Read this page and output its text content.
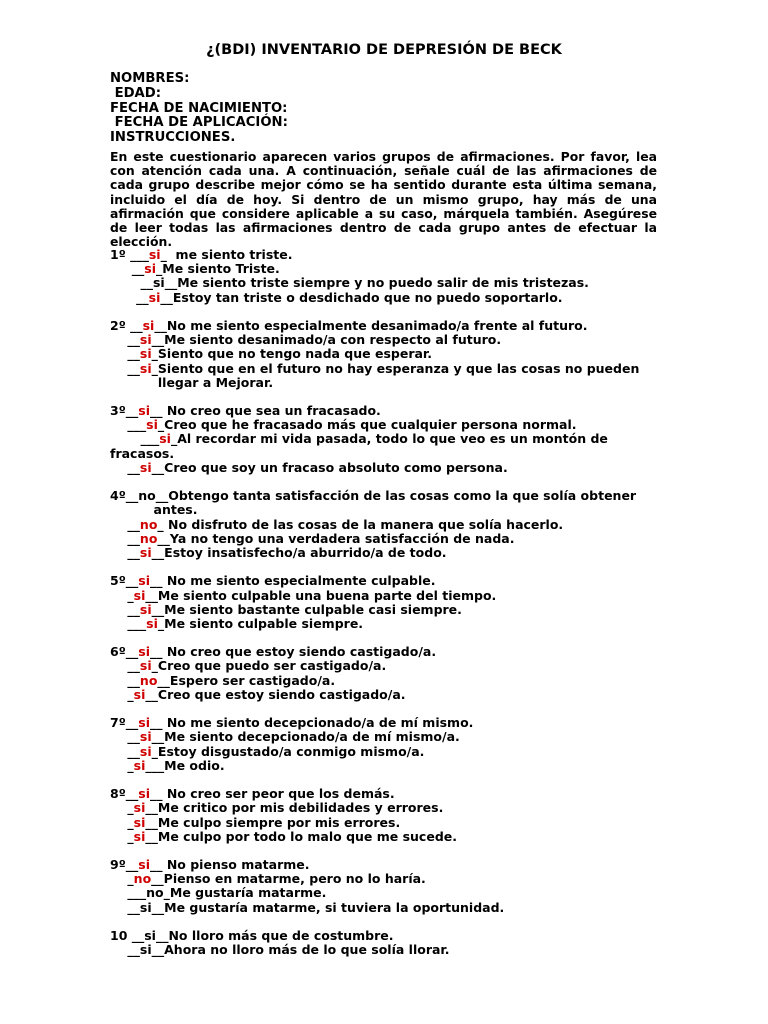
¿(BDI) INVENTARIO DE DEPRESIÓN DE BECK
NOMBRES:
EDAD:
FECHA DE NACIMIENTO:
FECHA DE APLICACIÓN:
INSTRUCCIONES.
En este cuestionario aparecen varios grupos de afirmaciones. Por favor, lea con atención cada una. A continuación, señale cuál de las afirmaciones de cada grupo describe mejor cómo se ha sentido durante esta última semana, incluido el día de hoy. Si dentro de un mismo grupo, hay más de una afirmación que considere aplicable a su caso, márquela también. Asegúrese de leer todas las afirmaciones dentro de cada grupo antes de efectuar la elección.
1º ___si_  me siento triste.
__si_Me siento Triste.
__si__Me siento triste siempre y no puedo salir de mis tristezas.
__si__Estoy tan triste o desdichado que no puedo soportarlo.
2º __si__No me siento especialmente desanimado/a frente al futuro.
__si__Me siento desanimado/a con respecto al futuro.
__si_Siento que no tengo nada que esperar.
__si_Siento que en el futuro no hay esperanza y que las cosas no pueden
llegar a Mejorar.
3º__si__ No creo que sea un fracasado.
___si_Creo que he fracasado más que cualquier persona normal.
___si_Al recordar mi vida pasada, todo lo que veo es un montón de
fracasos.
__si__Creo que soy un fracaso absoluto como persona.
4º__no__Obtengo tanta satisfacción de las cosas como la que solía obtener
antes.
__no_ No disfruto de las cosas de la manera que solía hacerlo.
__no__Ya no tengo una verdadera satisfacción de nada.
__si__Estoy insatisfecho/a aburrido/a de todo.
5º__si__ No me siento especialmente culpable.
_si__Me siento culpable una buena parte del tiempo.
__si__Me siento bastante culpable casi siempre.
___si_Me siento culpable siempre.
6º__si__ No creo que estoy siendo castigado/a.
__si_Creo que puedo ser castigado/a.
__no__Espero ser castigado/a.
_si__Creo que estoy siendo castigado/a.
7º__si__ No me siento decepcionado/a de mí mismo.
__si__Me siento decepcionado/a de mí mismo/a.
__si_Estoy disgustado/a conmigo mismo/a.
_si___Me odio.
8º__si__ No creo ser peor que los demás.
_si__Me critico por mis debilidades y errores.
_si__Me culpo siempre por mis errores.
_si__Me culpo por todo lo malo que me sucede.
9º__si__ No pienso matarme.
_no__Pienso en matarme, pero no lo haría.
___no_Me gustaría matarme.
__si__Me gustaría matarme, si tuviera la oportunidad.
10 __si__No lloro más que de costumbre.
__si__Ahora no lloro más de lo que solía llorar.
